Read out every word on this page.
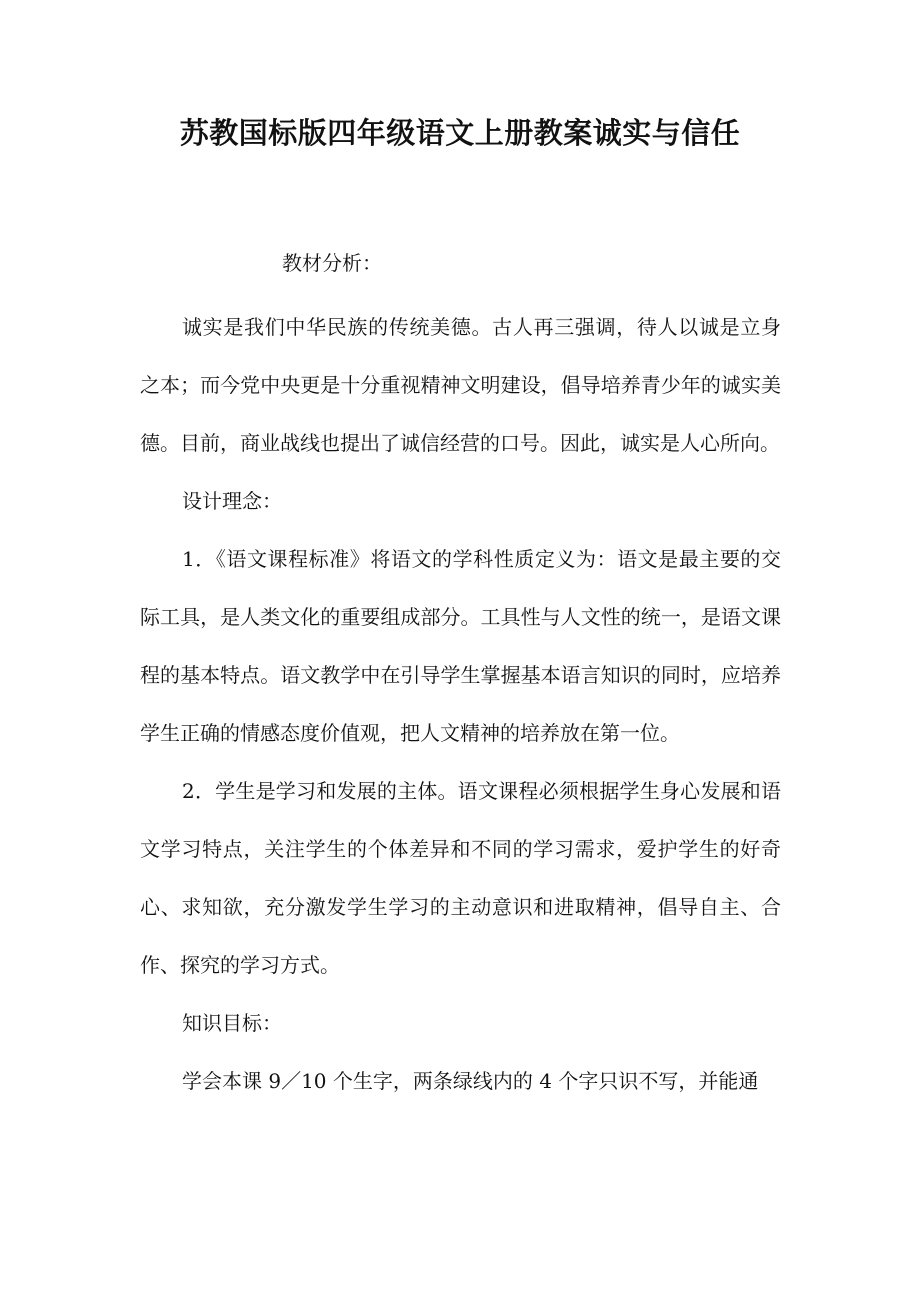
苏教国标版四年级语文上册教案诚实与信任

教材分析：

诚实是我们中华民族的传统美德。古人再三强调，待人以诚是立身之本；而今党中央更是十分重视精神文明建设，倡导培养青少年的诚实美德。目前，商业战线也提出了诚信经营的口号。因此，诚实是人心所向。

设计理念：

1．《语文课程标准》将语文的学科性质定义为：语文是最主要的交际工具，是人类文化的重要组成部分。工具性与人文性的统一，是语文课程的基本特点。语文教学中在引导学生掌握基本语言知识的同时，应培养学生正确的情感态度价值观，把人文精神的培养放在第一位。

2．学生是学习和发展的主体。语文课程必须根据学生身心发展和语文学习特点，关注学生的个体差异和不同的学习需求，爱护学生的好奇心、求知欲，充分激发学生学习的主动意识和进取精神，倡导自主、合作、探究的学习方式。

知识目标：

学会本课 9／10 个生字，两条绿线内的 4 个字只识不写，并能通
